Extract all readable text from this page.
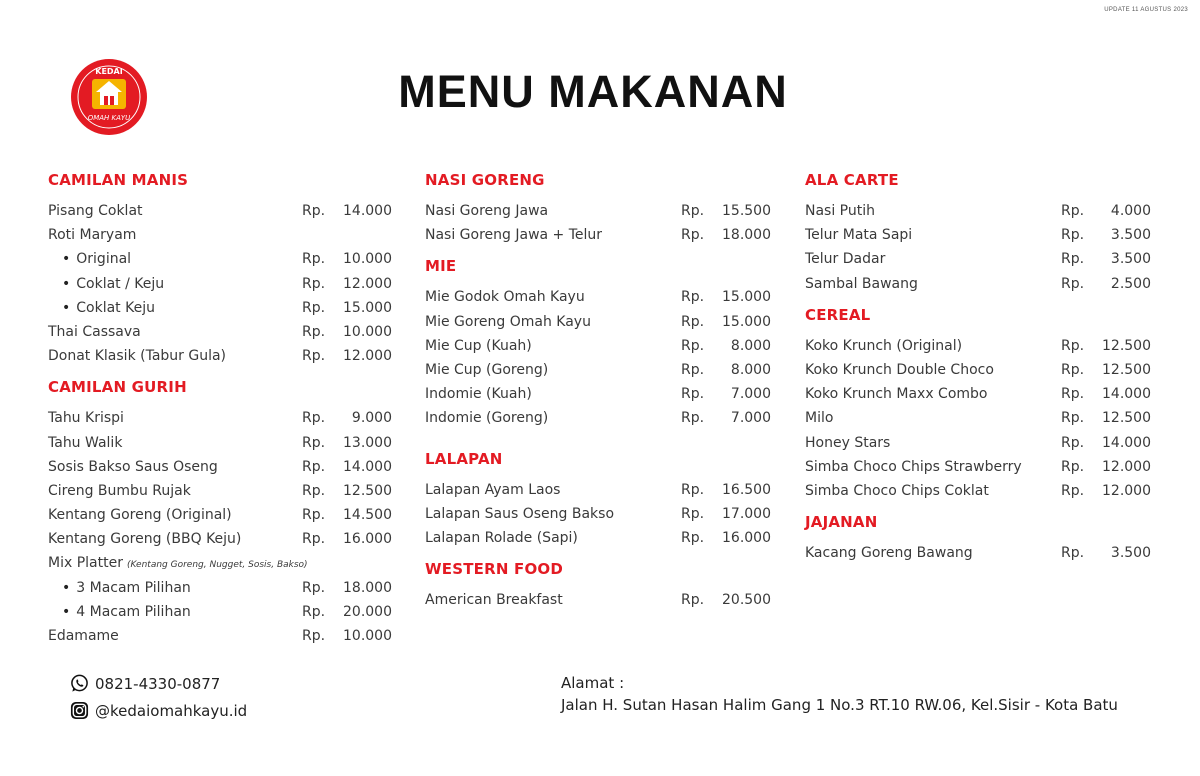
UPDATE 11 AGUSTUS 2023
KEDAI
OMAH KAYU
MENU MAKANAN
CAMILAN MANIS
Pisang Coklat	Rp.	14.000
Roti Maryam
• Original	Rp.	10.000
• Coklat / Keju	Rp.	12.000
• Coklat Keju	Rp.	15.000
Thai Cassava	Rp.	10.000
Donat Klasik (Tabur Gula)	Rp.	12.000
CAMILAN GURIH
Tahu Krispi	Rp.	9.000
Tahu Walik	Rp.	13.000
Sosis Bakso Saus Oseng	Rp.	14.000
Cireng Bumbu Rujak	Rp.	12.500
Kentang Goreng (Original)	Rp.	14.500
Kentang Goreng (BBQ Keju)	Rp.	16.000
Mix Platter (Kentang Goreng, Nugget, Sosis, Bakso)
• 3 Macam Pilihan	Rp.	18.000
• 4 Macam Pilihan	Rp.	20.000
Edamame	Rp.	10.000
NASI GORENG
Nasi Goreng Jawa	Rp.	15.500
Nasi Goreng Jawa + Telur	Rp.	18.000
MIE
Mie Godok Omah Kayu	Rp.	15.000
Mie Goreng Omah Kayu	Rp.	15.000
Mie Cup (Kuah)	Rp.	8.000
Mie Cup (Goreng)	Rp.	8.000
Indomie (Kuah)	Rp.	7.000
Indomie (Goreng)	Rp.	7.000
LALAPAN
Lalapan Ayam Laos	Rp.	16.500
Lalapan Saus Oseng Bakso	Rp.	17.000
Lalapan Rolade (Sapi)	Rp.	16.000
WESTERN FOOD
American Breakfast	Rp.	20.500
ALA CARTE
Nasi Putih	Rp.	4.000
Telur Mata Sapi	Rp.	3.500
Telur Dadar	Rp.	3.500
Sambal Bawang	Rp.	2.500
CEREAL
Koko Krunch (Original)	Rp.	12.500
Koko Krunch Double Choco	Rp.	12.500
Koko Krunch Maxx Combo	Rp.	14.000
Milo	Rp.	12.500
Honey Stars	Rp.	14.000
Simba Choco Chips Strawberry	Rp.	12.000
Simba Choco Chips Coklat	Rp.	12.000
JAJANAN
Kacang Goreng Bawang	Rp.	3.500
0821-4330-0877
@kedaiomahkayu.id
Alamat :
Jalan H. Sutan Hasan Halim Gang 1 No.3 RT.10 RW.06, Kel.Sisir - Kota Batu
